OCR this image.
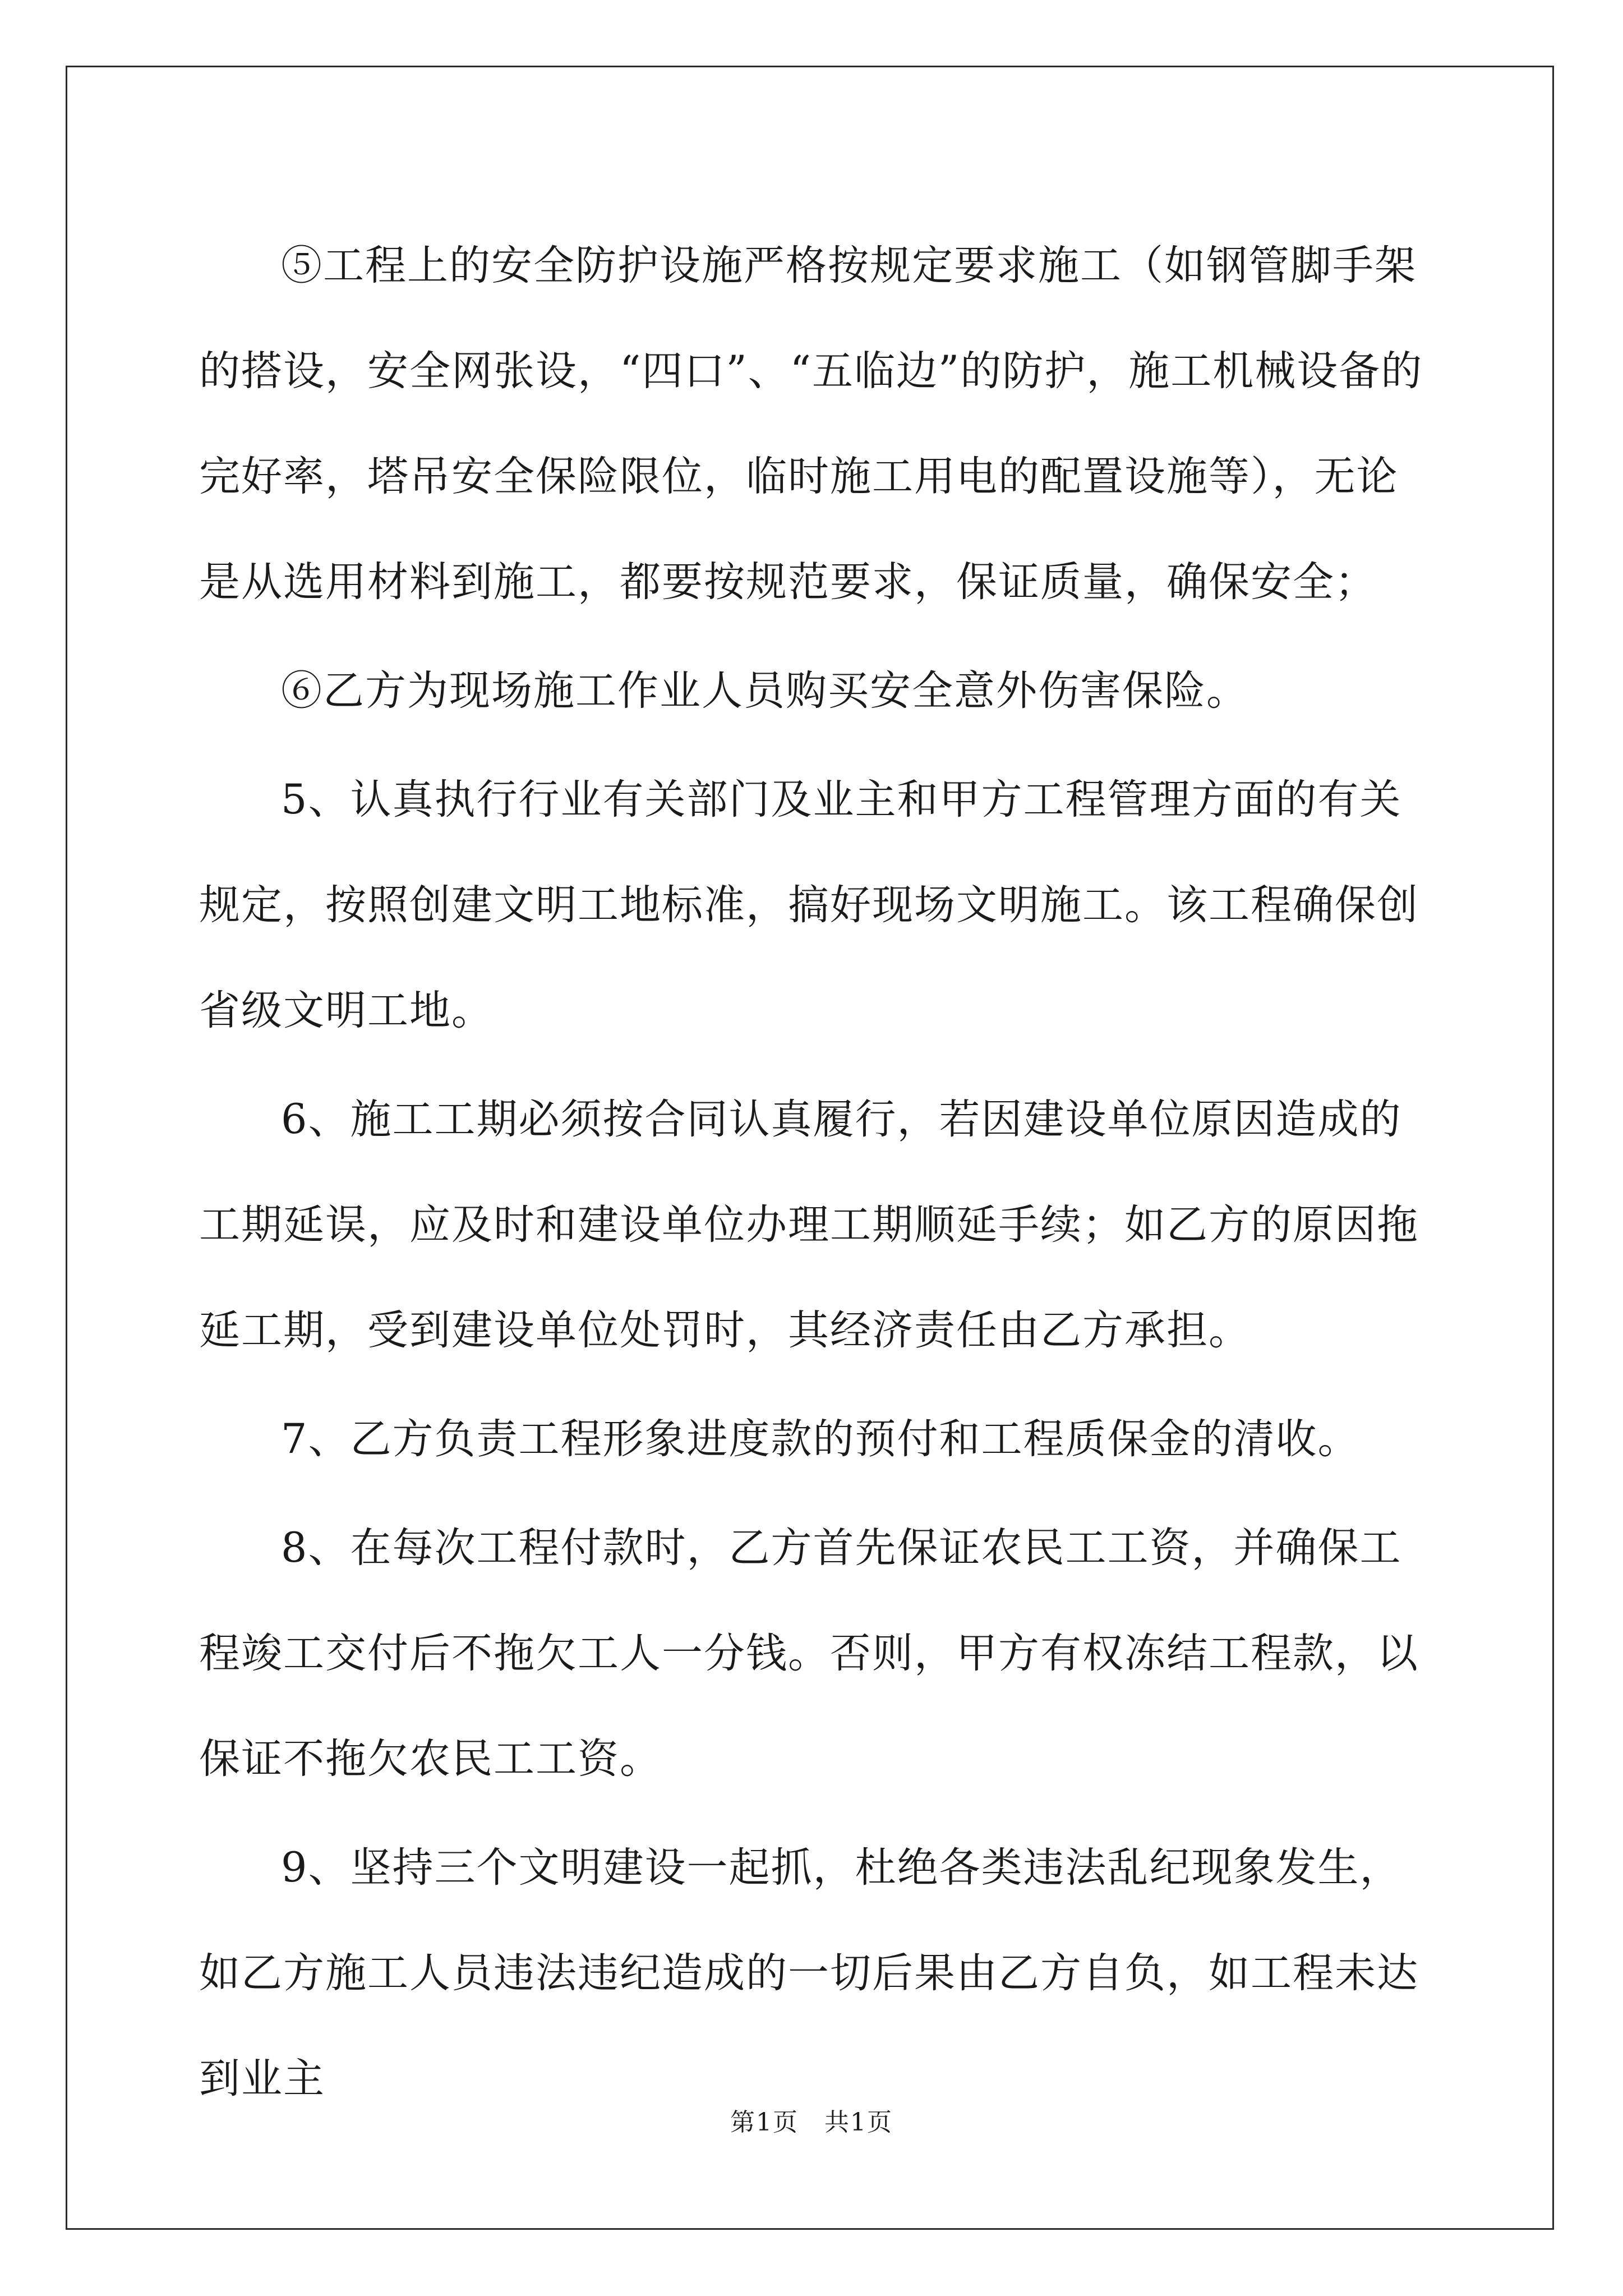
⑤工程上的安全防护设施严格按规定要求施工（如钢管脚手架的搭设，安全网张设，“四口”、“五临边”的防护，施工机械设备的完好率，塔吊安全保险限位，临时施工用电的配置设施等），无论是从选用材料到施工，都要按规范要求，保证质量，确保安全；

⑥乙方为现场施工作业人员购买安全意外伤害保险。

5、认真执行行业有关部门及业主和甲方工程管理方面的有关规定，按照创建文明工地标准，搞好现场文明施工。该工程确保创省级文明工地。

6、施工工期必须按合同认真履行，若因建设单位原因造成的工期延误，应及时和建设单位办理工期顺延手续；如乙方的原因拖延工期，受到建设单位处罚时，其经济责任由乙方承担。

7、乙方负责工程形象进度款的预付和工程质保金的清收。

8、在每次工程付款时，乙方首先保证农民工工资，并确保工程竣工交付后不拖欠工人一分钱。否则，甲方有权冻结工程款，以保证不拖欠农民工工资。

9、坚持三个文明建设一起抓，杜绝各类违法乱纪现象发生，如乙方施工人员违法违纪造成的一切后果由乙方自负，如工程未达到业主

第1页　共1页
